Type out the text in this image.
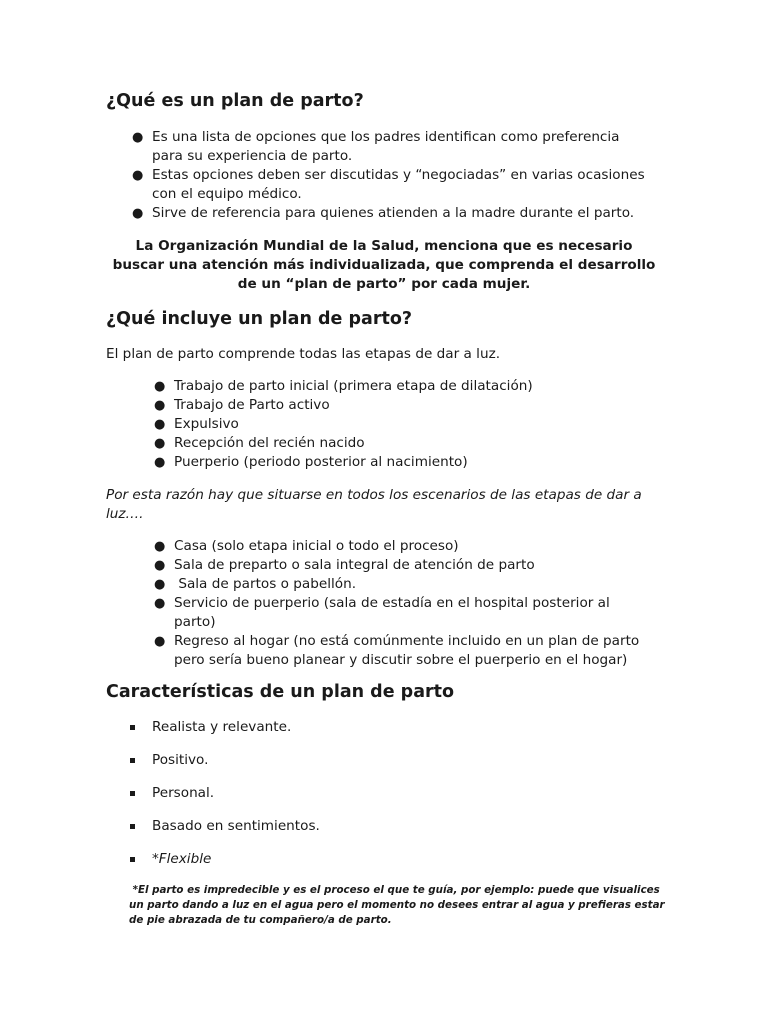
¿Qué es un plan de parto?
● Es una lista de opciones que los padres identifican como preferencia
para su experiencia de parto.
● Estas opciones deben ser discutidas y “negociadas” en varias ocasiones
con el equipo médico.
● Sirve de referencia para quienes atienden a la madre durante el parto.
La Organización Mundial de la Salud, menciona que es necesario
buscar una atención más individualizada, que comprenda el desarrollo
de un “plan de parto” por cada mujer.
¿Qué incluye un plan de parto?

El plan de parto comprende todas las etapas de dar a luz.

● Trabajo de parto inicial (primera etapa de dilatación)
● Trabajo de Parto activo
● Expulsivo
● Recepción del recién nacido
● Puerperio (periodo posterior al nacimiento)
Por esta razón hay que situarse en todos los escenarios de las etapas de dar a
luz….
● Casa (solo etapa inicial o todo el proceso)
● Sala de preparto o sala integral de atención de parto
● Sala de partos o pabellón.
● Servicio de puerperio (sala de estadía en el hospital posterior al
parto)
● Regreso al hogar (no está comúnmente incluido en un plan de parto
pero sería bueno planear y discutir sobre el puerperio en el hogar)
Características de un plan de parto
Realista y relevante.
Positivo.
Personal.
Basado en sentimientos.
*Flexible
*El parto es impredecible y es el proceso el que te guía, por ejemplo: puede que visualices
un parto dando a luz en el agua pero el momento no desees entrar al agua y prefieras estar
de pie abrazada de tu compañero/a de parto.
